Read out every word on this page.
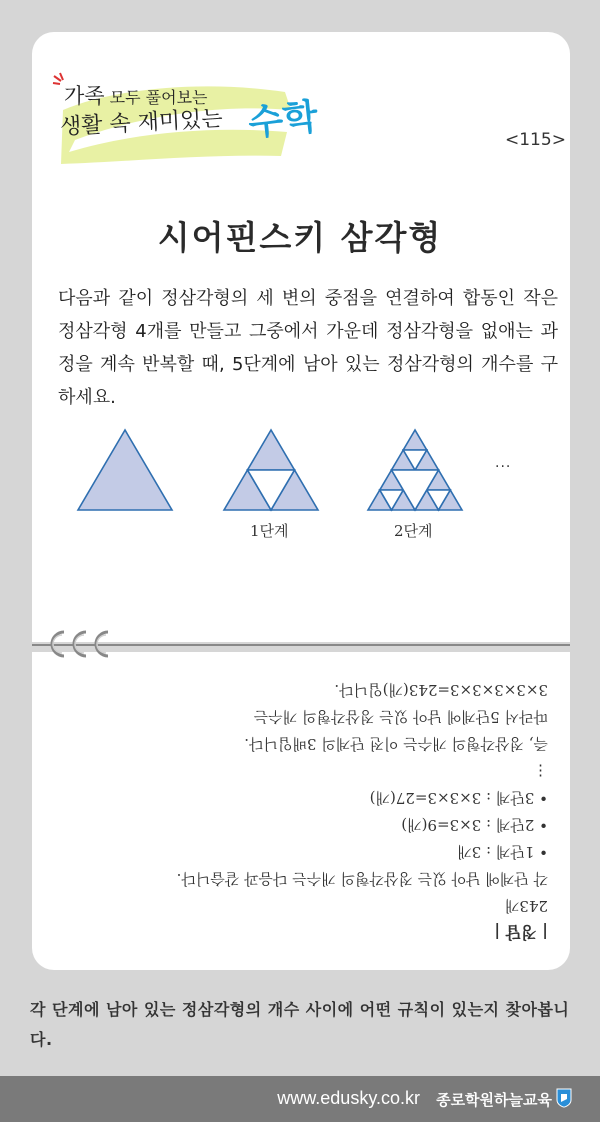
가족 모두 풀어보는
생활 속 재미있는 수학	<115>
시어핀스키 삼각형
다음과 같이 정삼각형의 세 변의 중점을 연결하여 합동인 작은 정삼각형 4개를 만들고 그중에서 가운데 정삼각형을 없애는 과정을 계속 반복할 때, 5단계에 남아 있는 정삼각형의 개수를 구하세요.
1단계	2단계
...
| 정답 |
243개
각 단계에 남아 있는 정삼각형의 개수는 다음과 같습니다.
• 1단계 : 3개
• 2단계 : 3×3=9(개)
• 3단계 : 3×3×3=27(개)
⋮
즉, 정삼각형의 개수는 이전 단계의 3배입니다.
따라서 5단계에 남아 있는 정삼각형의 개수는
3×3×3×3×3=243(개)입니다.
각 단계에 남아 있는 정삼각형의 개수 사이에 어떤 규칙이 있는지 찾아봅니다.
www.edusky.co.kr 종로학원하늘교육
